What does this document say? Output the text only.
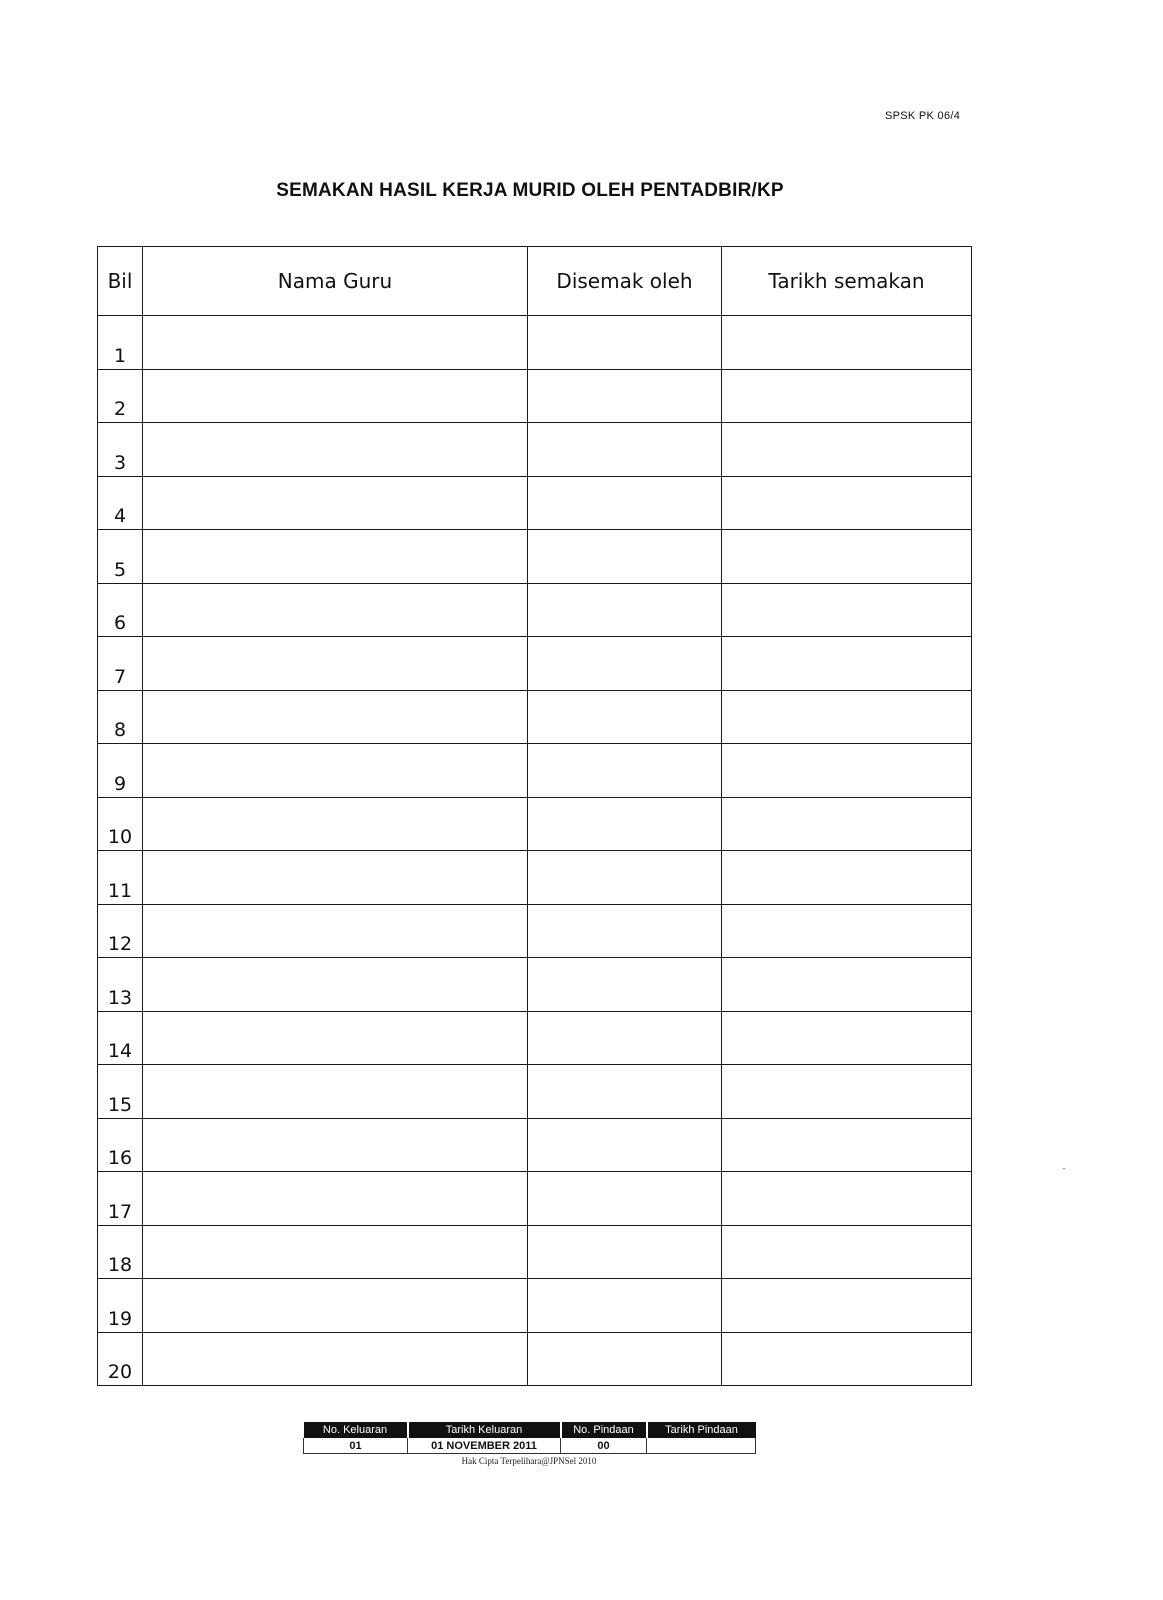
SPSK PK 06/4
SEMAKAN HASIL KERJA MURID OLEH PENTADBIR/KP
Bil	Nama Guru	Disemak oleh	Tarikh semakan
1			
2			
3			
4			
5			
6			
7			
8			
9			
10			
11			
12			
13			
14			
15			
16			
17			
18			
19			
20			
No. Keluaran	Tarikh Keluaran	No. Pindaan	Tarikh Pindaan
01	01 NOVEMBER 2011	00	
Hak Cipta Terpelihara@JPNSel 2010
